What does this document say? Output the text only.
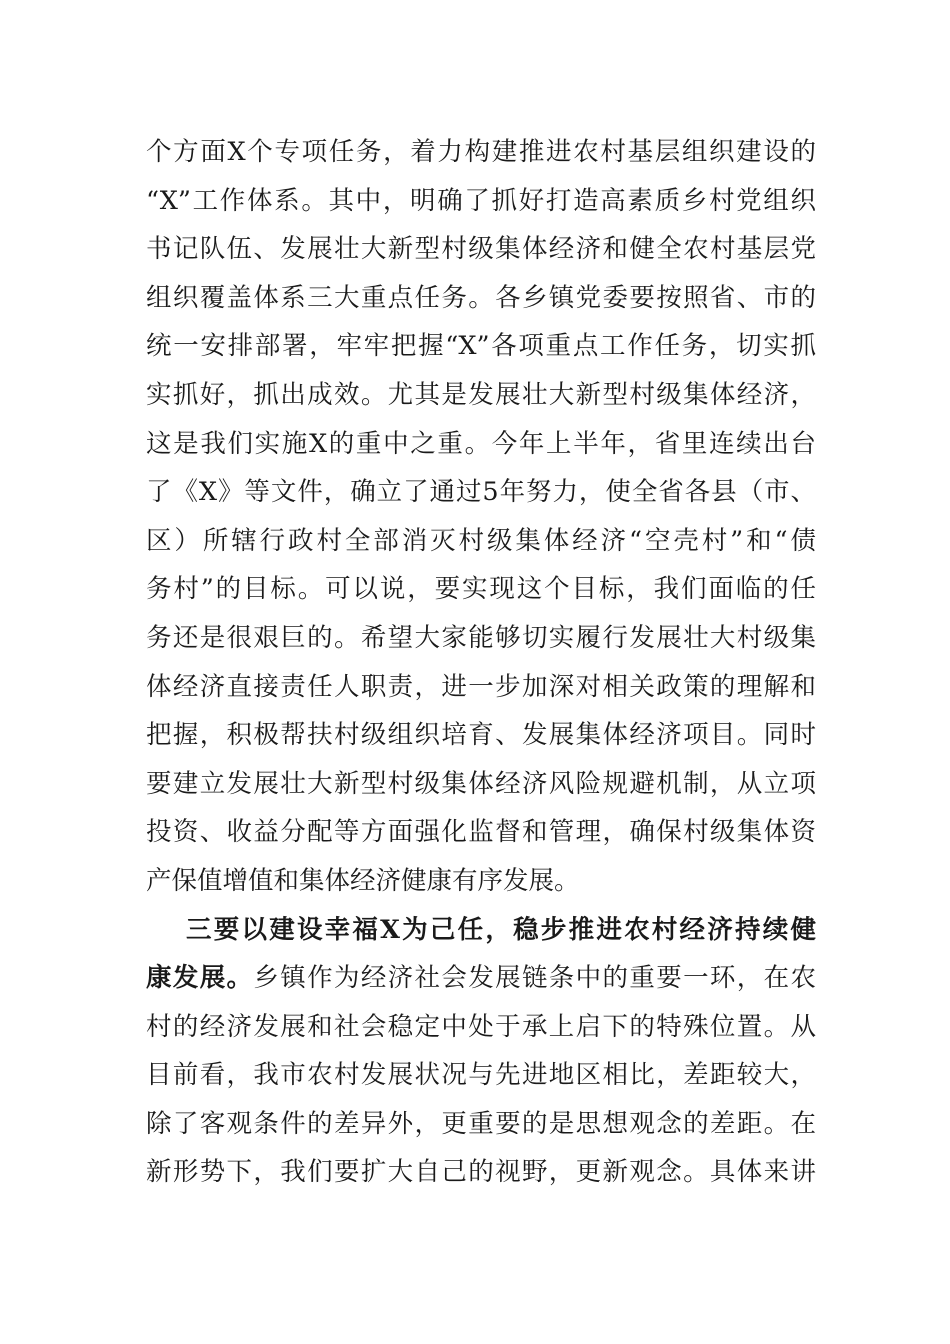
个方面X个专项任务，着力构建推进农村基层组织建设的
“X”工作体系。其中，明确了抓好打造高素质乡村党组织
书记队伍、发展壮大新型村级集体经济和健全农村基层党
组织覆盖体系三大重点任务。各乡镇党委要按照省、市的
统一安排部署，牢牢把握“X”各项重点工作任务，切实抓
实抓好，抓出成效。尤其是发展壮大新型村级集体经济，
这是我们实施X的重中之重。今年上半年，省里连续出台
了《X》等文件，确立了通过5年努力，使全省各县（市、
区）所辖行政村全部消灭村级集体经济“空壳村”和“债
务村”的目标。可以说，要实现这个目标，我们面临的任
务还是很艰巨的。希望大家能够切实履行发展壮大村级集
体经济直接责任人职责，进一步加深对相关政策的理解和
把握，积极帮扶村级组织培育、发展集体经济项目。同时
要建立发展壮大新型村级集体经济风险规避机制，从立项
投资、收益分配等方面强化监督和管理，确保村级集体资
产保值增值和集体经济健康有序发展。
三要以建设幸福X为己任，稳步推进农村经济持续健
康发展。乡镇作为经济社会发展链条中的重要一环，在农
村的经济发展和社会稳定中处于承上启下的特殊位置。从
目前看，我市农村发展状况与先进地区相比，差距较大，
除了客观条件的差异外，更重要的是思想观念的差距。在
新形势下，我们要扩大自己的视野，更新观念。具体来讲
